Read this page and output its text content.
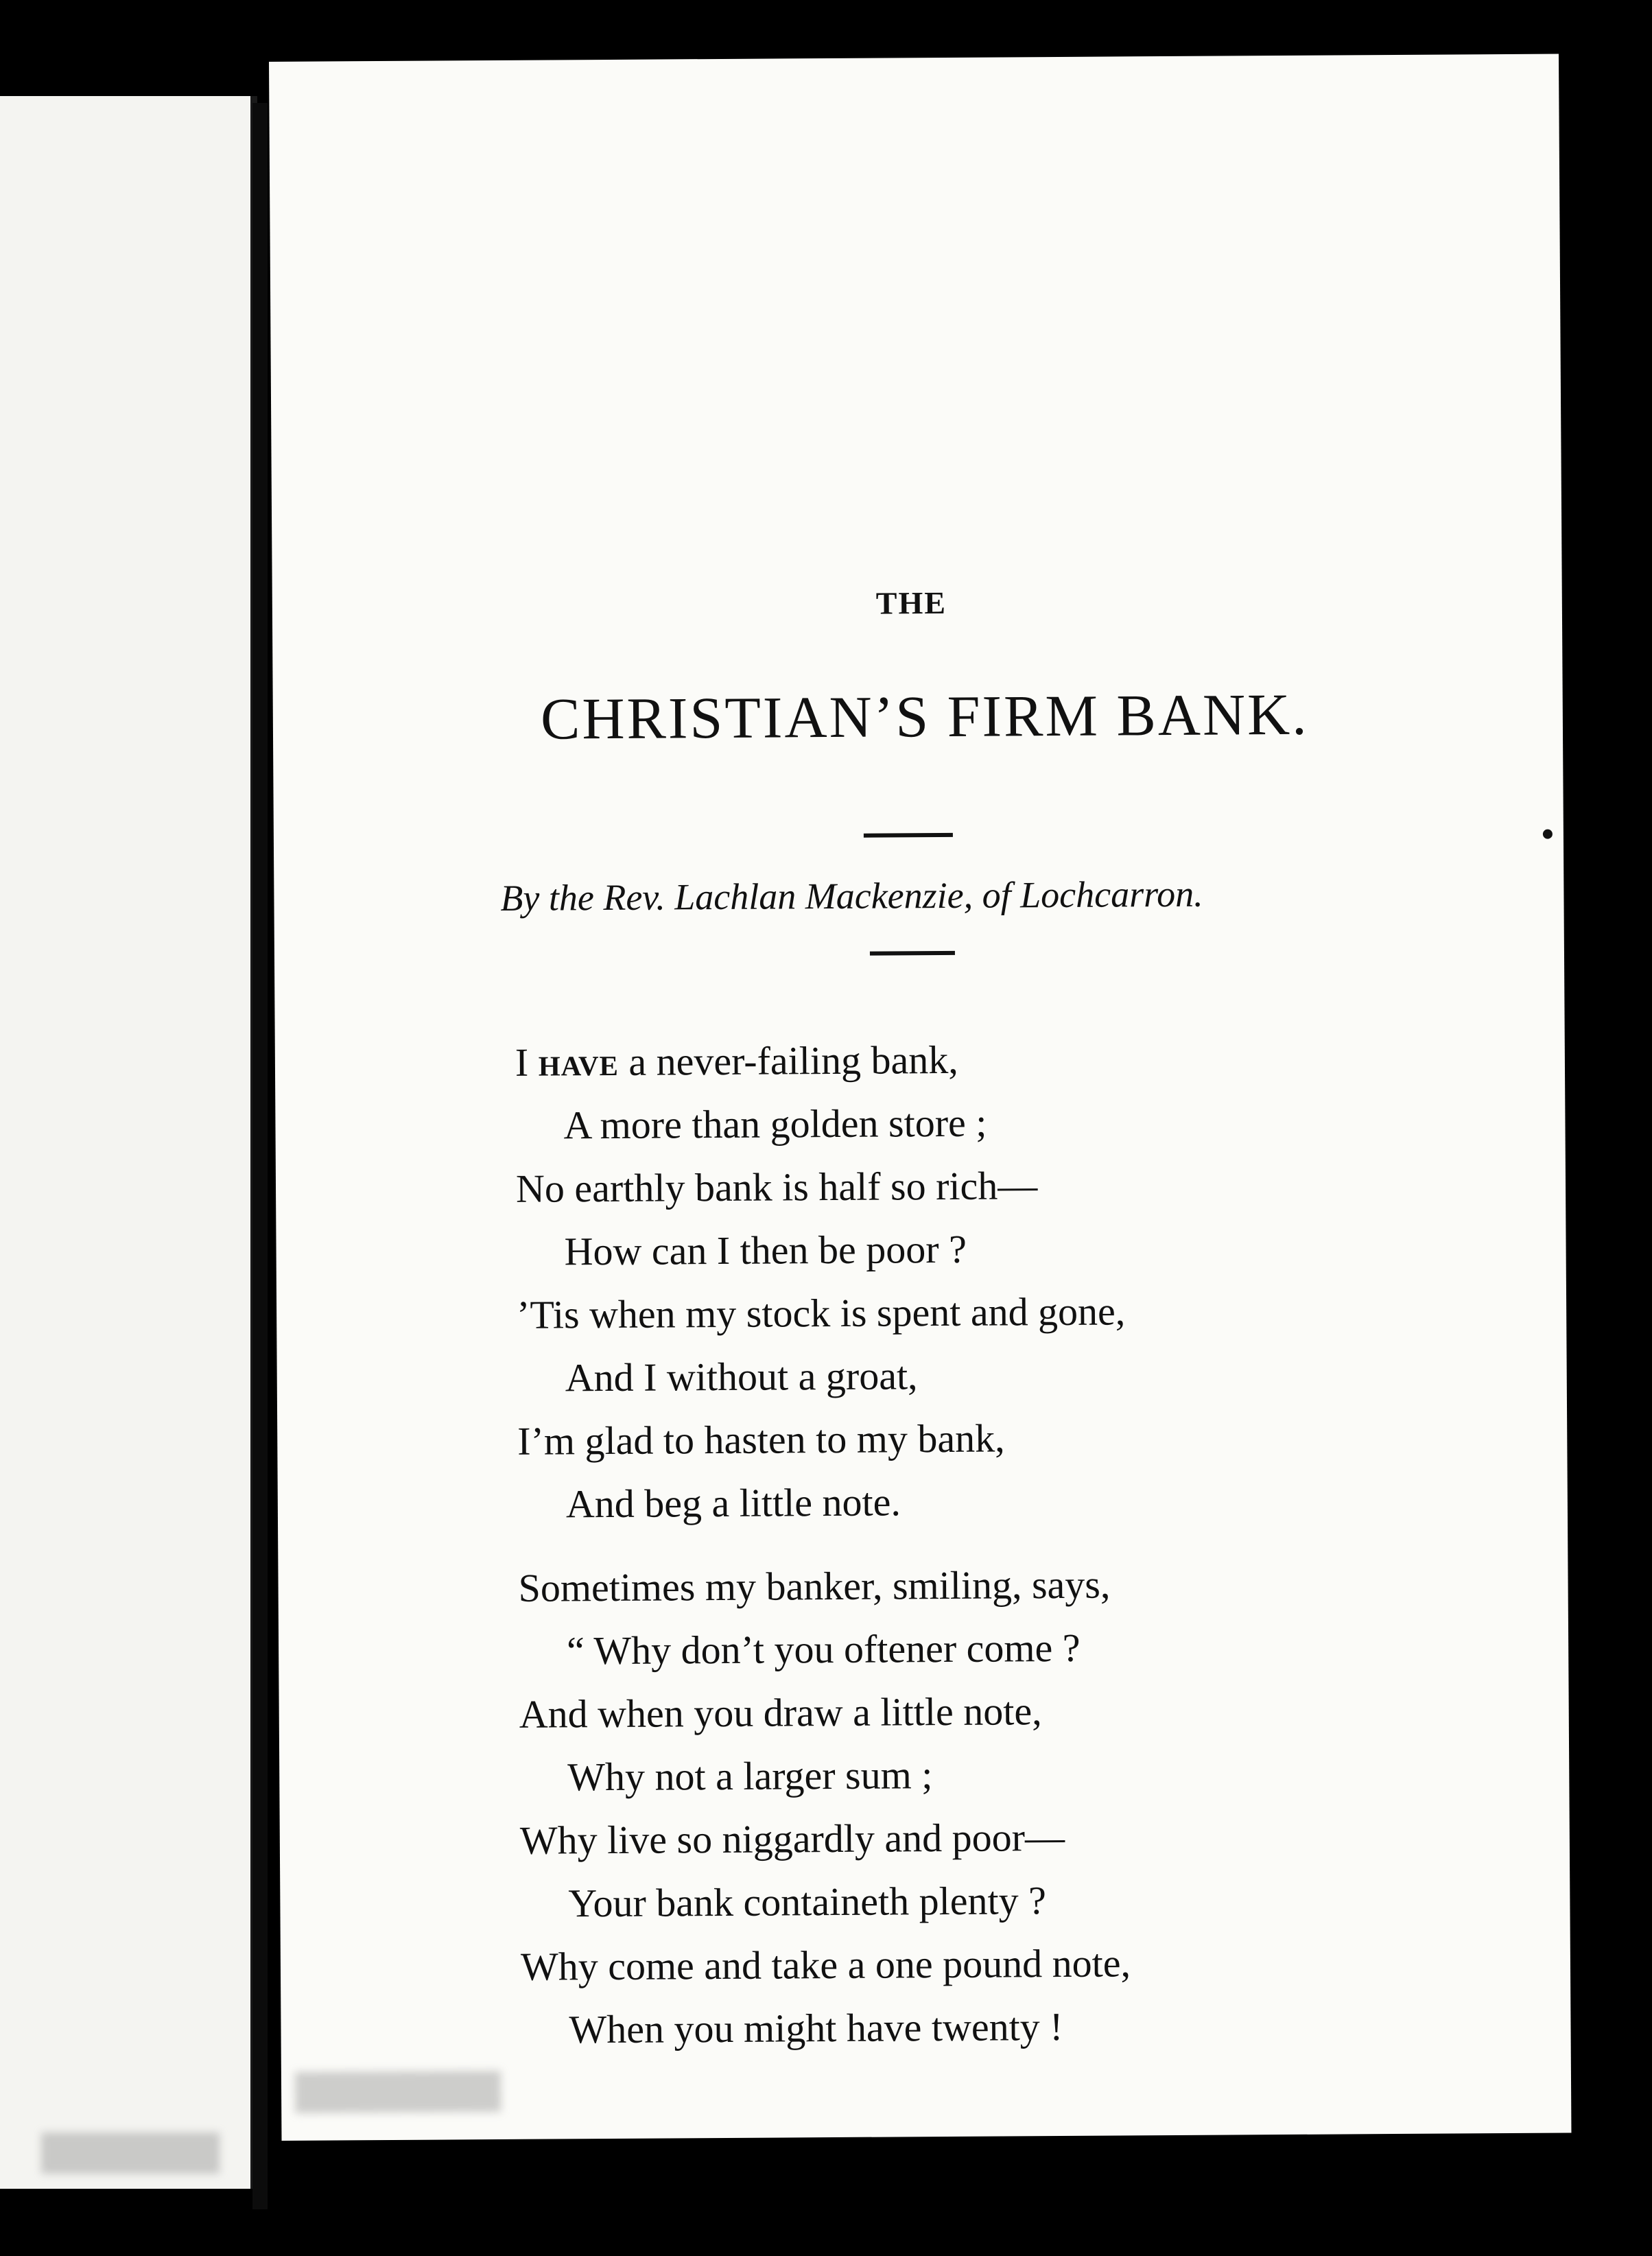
THE
CHRISTIAN’S FIRM BANK.
By the Rev. Lachlan Mackenzie, of Lochcarron.
I have a never-failing bank,
A more than golden store ;
No earthly bank is half so rich—
How can I then be poor ?
’Tis when my stock is spent and gone,
And I without a groat,
I’m glad to hasten to my bank,
And beg a little note.
Sometimes my banker, smiling, says,
“ Why don’t you oftener come ?
And when you draw a little note,
Why not a larger sum ;
Why live so niggardly and poor—
Your bank containeth plenty ?
Why come and take a one pound note,
When you might have twenty !
